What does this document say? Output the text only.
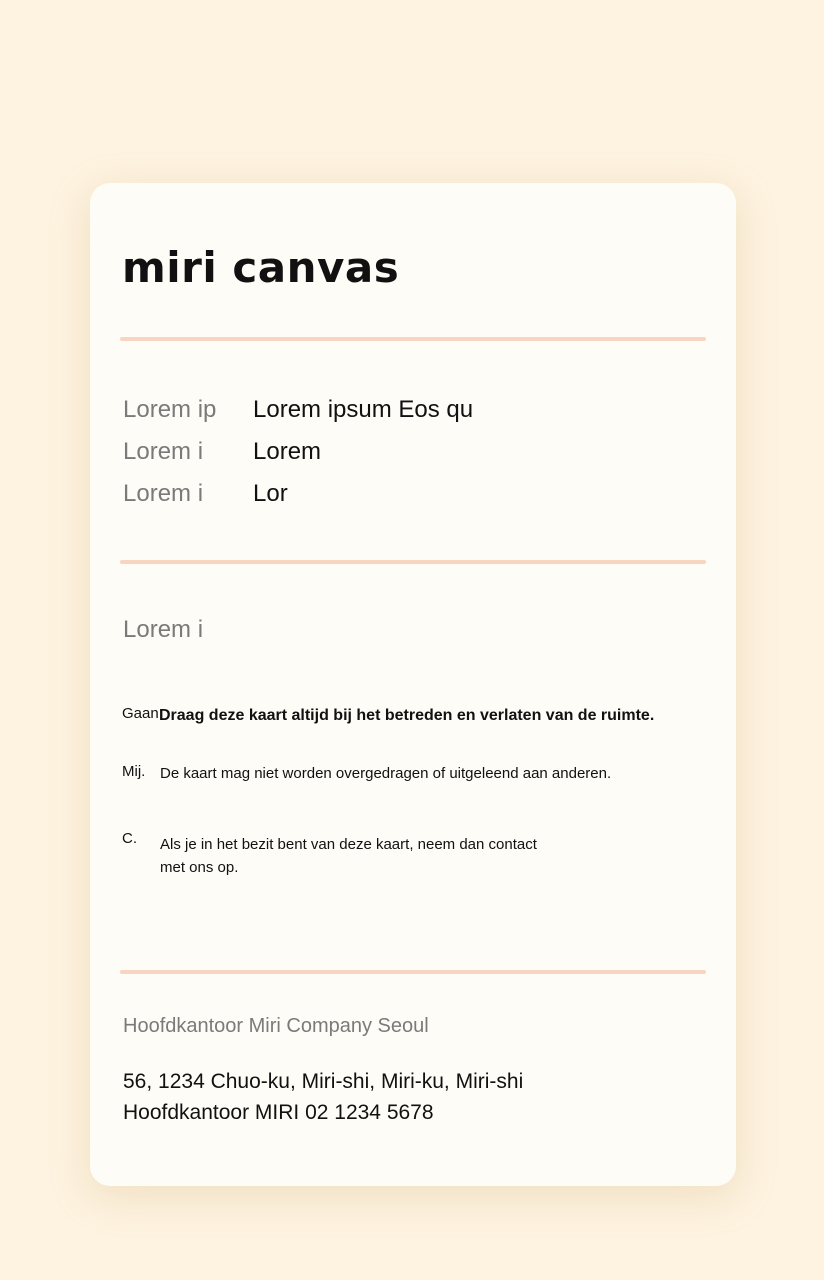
miri canvas
Lorem ip Lorem ipsum Eos qu
Lorem i Lorem
Lorem i Lor
Lorem i
Gaan Draag deze kaart altijd bij het betreden en verlaten van de ruimte.
Mij. De kaart mag niet worden overgedragen of uitgeleend aan anderen.
C. Als je in het bezit bent van deze kaart, neem dan contact met ons op.
Hoofdkantoor Miri Company Seoul
56, 1234 Chuo-ku, Miri-shi, Miri-ku, Miri-shi
Hoofdkantoor MIRI 02 1234 5678
